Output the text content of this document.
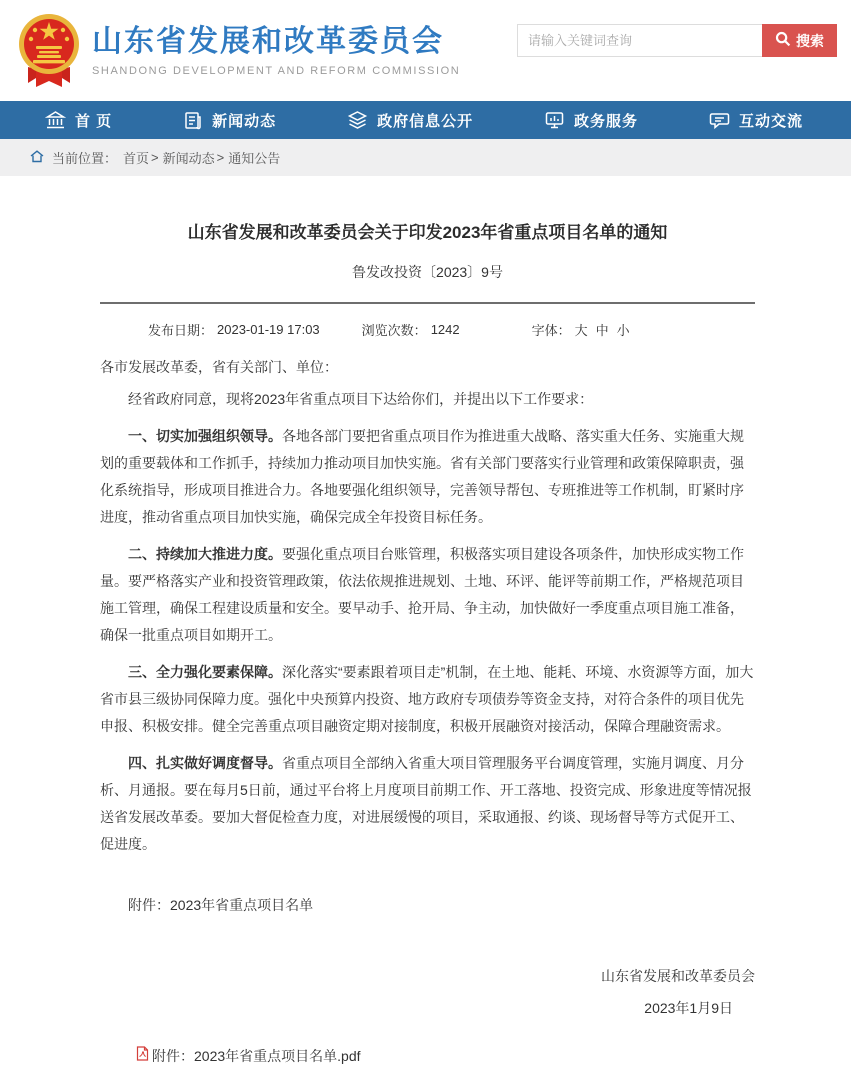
山东省发展和改革委员会
SHANDONG DEVELOPMENT AND REFORM COMMISSION
请输入关键词查询
搜索
首 页	新闻动态	政府信息公开	政务服务	互动交流
当前位置： 首页 > 新闻动态 > 通知公告
山东省发展和改革委员会关于印发2023年省重点项目名单的通知
鲁发改投资〔2023〕9号
发布日期： 2023-01-19 17:03	浏览次数： 1242	字体： 大 中 小

各市发展改革委，省有关部门、单位：

经省政府同意，现将2023年省重点项目下达给你们，并提出以下工作要求：

一、切实加强组织领导。各地各部门要把省重点项目作为推进重大战略、落实重大任务、实施重大规划的重要载体和工作抓手，持续加力推动项目加快实施。省有关部门要落实行业管理和政策保障职责，强化系统指导，形成项目推进合力。各地要强化组织领导，完善领导帮包、专班推进等工作机制，盯紧时序进度，推动省重点项目加快实施，确保完成全年投资目标任务。

二、持续加大推进力度。要强化重点项目台账管理，积极落实项目建设各项条件，加快形成实物工作量。要严格落实产业和投资管理政策，依法依规推进规划、土地、环评、能评等前期工作，严格规范项目施工管理，确保工程建设质量和安全。要早动手、抢开局、争主动，加快做好一季度重点项目施工准备，确保一批重点项目如期开工。

三、全力强化要素保障。深化落实“要素跟着项目走”机制，在土地、能耗、环境、水资源等方面，加大省市县三级协同保障力度。强化中央预算内投资、地方政府专项债券等资金支持，对符合条件的项目优先申报、积极安排。健全完善重点项目融资定期对接制度，积极开展融资对接活动，保障合理融资需求。

四、扎实做好调度督导。省重点项目全部纳入省重大项目管理服务平台调度管理，实施月调度、月分析、月通报。要在每月5日前，通过平台将上月度项目前期工作、开工落地、投资完成、形象进度等情况报送省发展改革委。要加大督促检查力度，对进展缓慢的项目，采取通报、约谈、现场督导等方式促开工、促进度。

附件：2023年省重点项目名单

山东省发展和改革委员会
2023年1月9日
附件：2023年省重点项目名单.pdf
